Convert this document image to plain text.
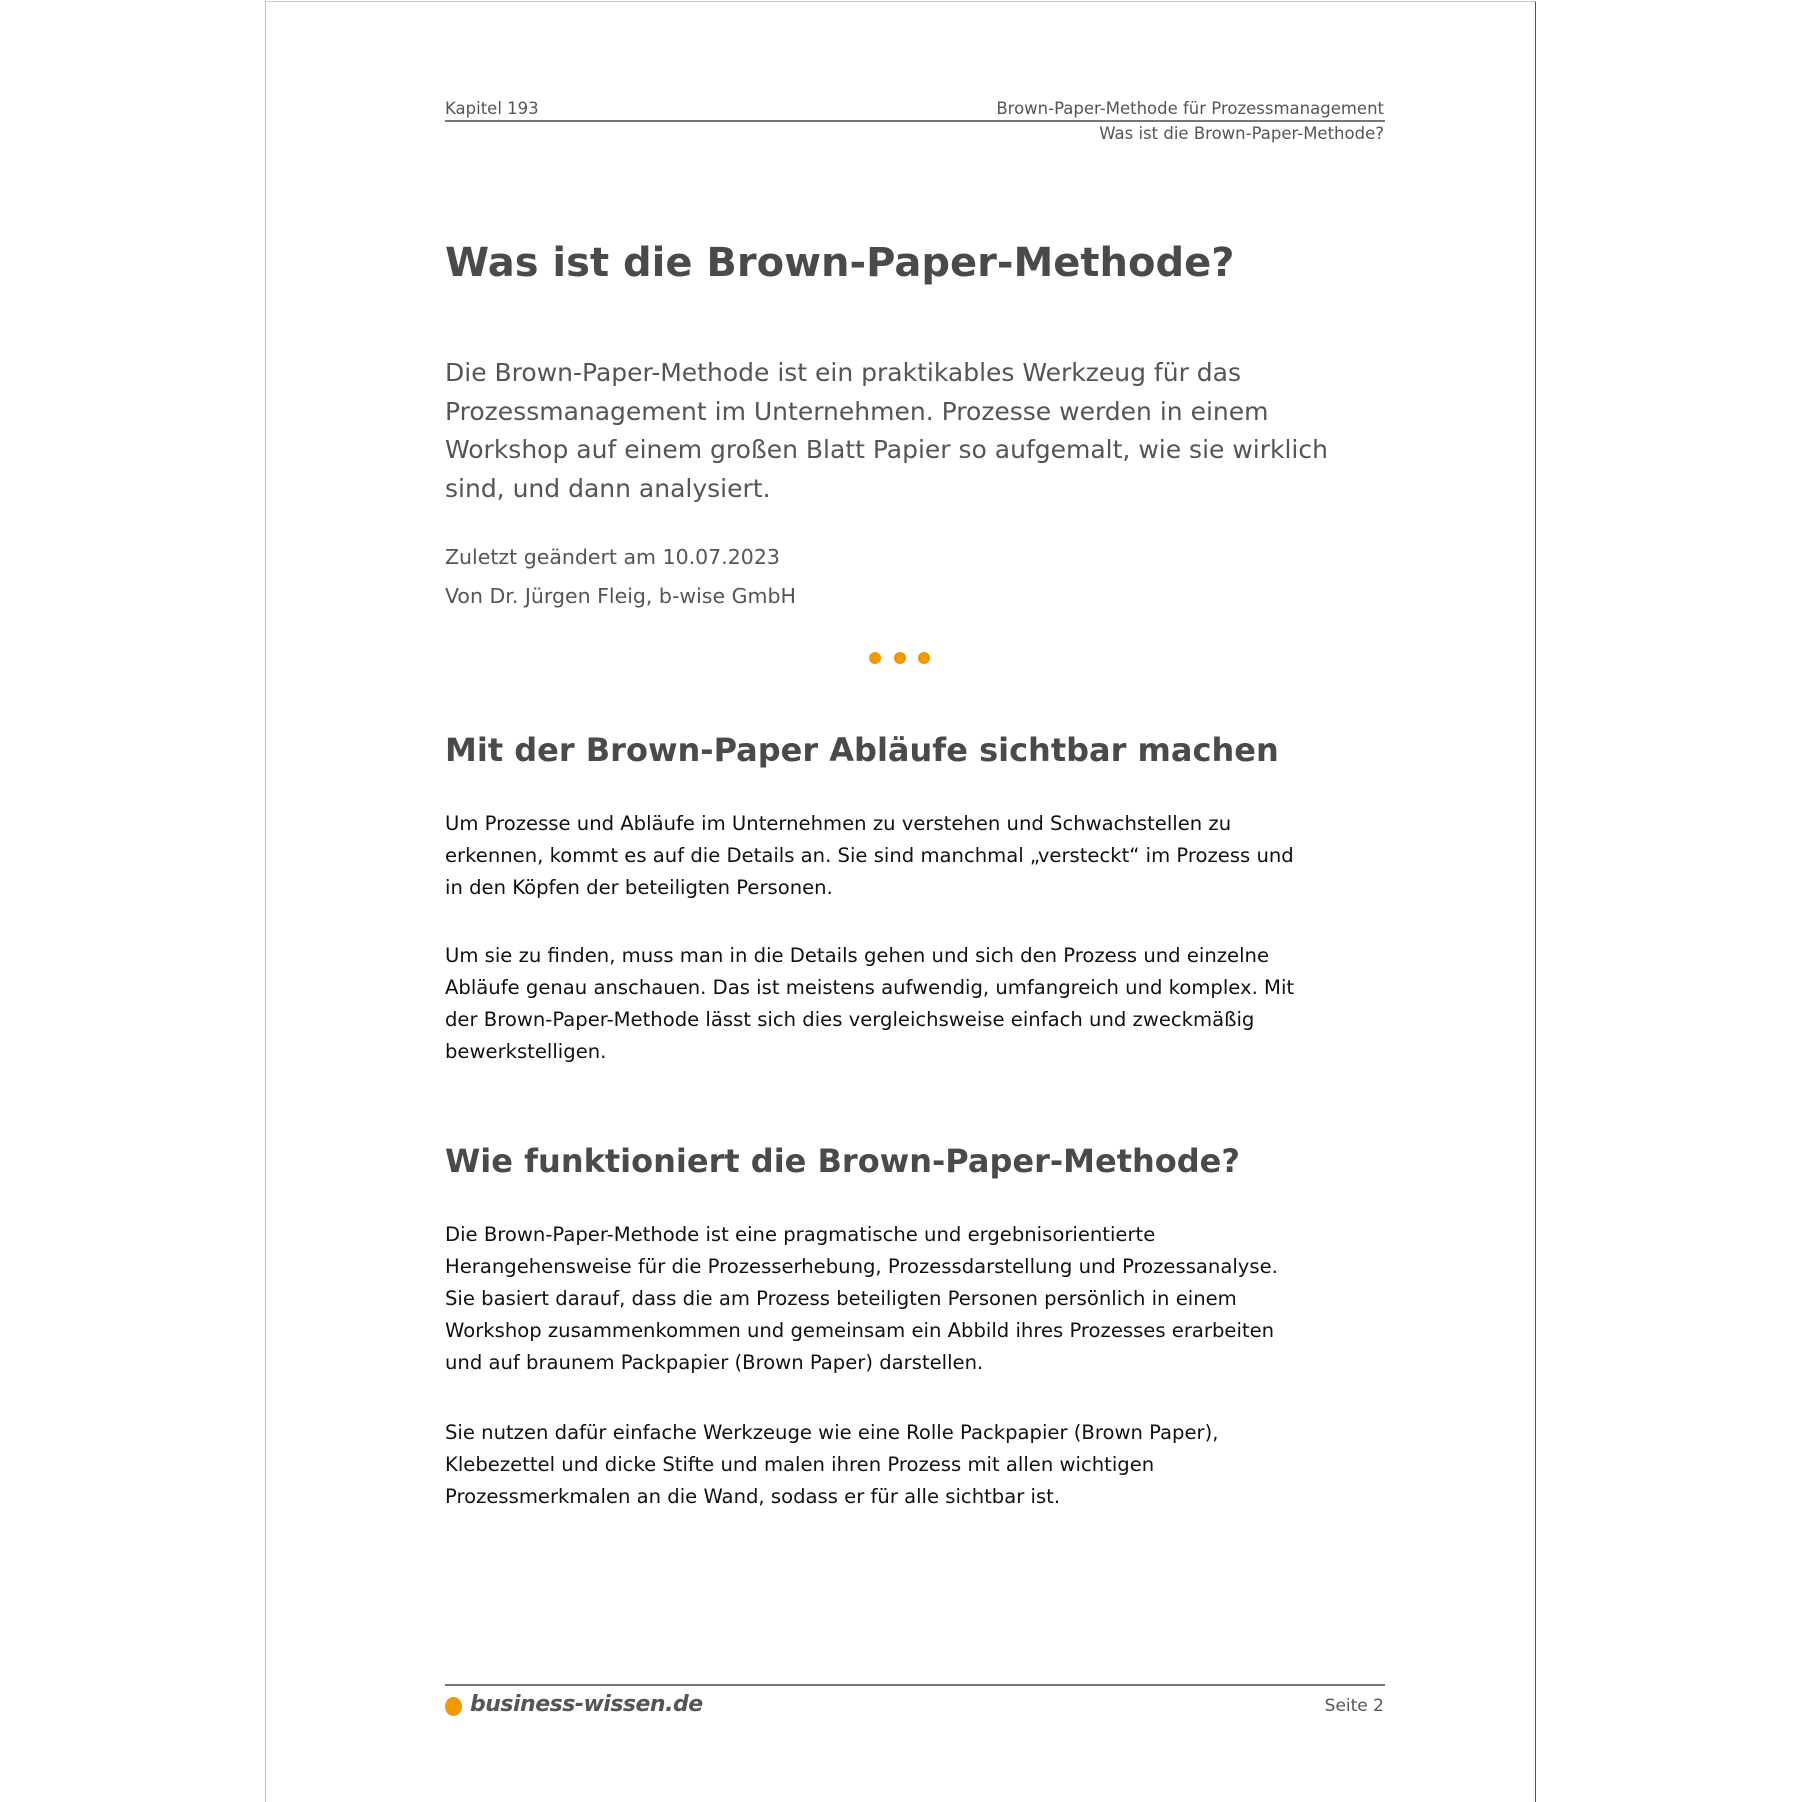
Kapitel 193	Brown-Paper-Methode für Prozessmanagement
Was ist die Brown-Paper-Methode?
Was ist die Brown-Paper-Methode?
Die Brown-Paper-Methode ist ein praktikables Werkzeug für das
Prozessmanagement im Unternehmen. Prozesse werden in einem
Workshop auf einem großen Blatt Papier so aufgemalt, wie sie wirklich
sind, und dann analysiert.
Zuletzt geändert am 10.07.2023
Von Dr. Jürgen Fleig, b-wise GmbH
Mit der Brown-Paper Abläufe sichtbar machen
Um Prozesse und Abläufe im Unternehmen zu verstehen und Schwachstellen zu
erkennen, kommt es auf die Details an. Sie sind manchmal „versteckt“ im Prozess und
in den Köpfen der beteiligten Personen.
Um sie zu finden, muss man in die Details gehen und sich den Prozess und einzelne
Abläufe genau anschauen. Das ist meistens aufwendig, umfangreich und komplex. Mit
der Brown-Paper-Methode lässt sich dies vergleichsweise einfach und zweckmäßig
bewerkstelligen.
Wie funktioniert die Brown-Paper-Methode?
Die Brown-Paper-Methode ist eine pragmatische und ergebnisorientierte
Herangehensweise für die Prozesserhebung, Prozessdarstellung und Prozessanalyse.
Sie basiert darauf, dass die am Prozess beteiligten Personen persönlich in einem
Workshop zusammenkommen und gemeinsam ein Abbild ihres Prozesses erarbeiten
und auf braunem Packpapier (Brown Paper) darstellen.
Sie nutzen dafür einfache Werkzeuge wie eine Rolle Packpapier (Brown Paper),
Klebezettel und dicke Stifte und malen ihren Prozess mit allen wichtigen
Prozessmerkmalen an die Wand, sodass er für alle sichtbar ist.
business-wissen.de	Seite 2
